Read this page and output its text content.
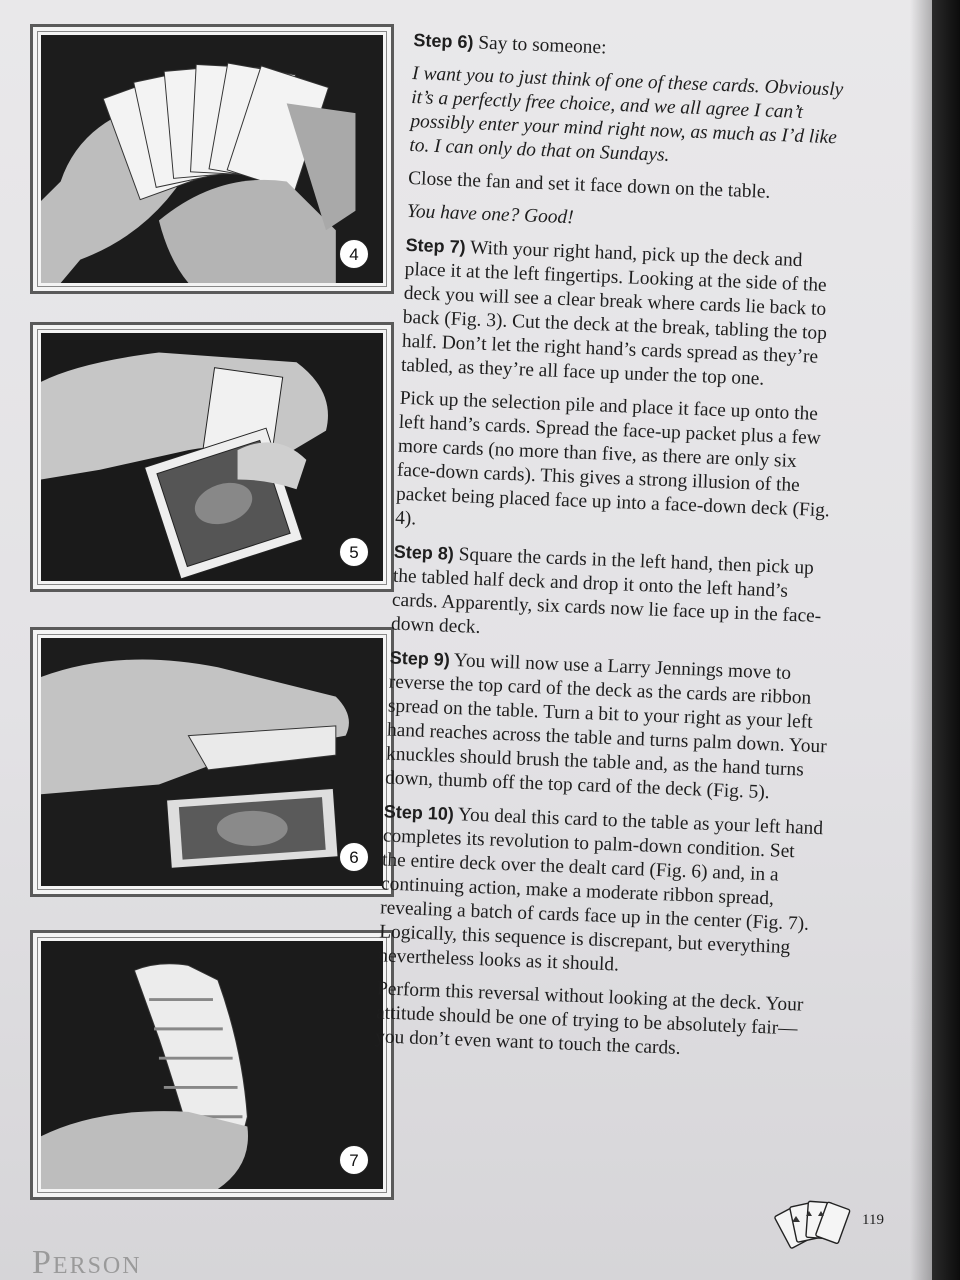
4
5
6
7

Step 6) Say to someone:

I want you to just think of one of these cards. Obviously it’s a perfectly free choice, and we all agree I can’t possibly enter your mind right now, as much as I’d like to. I can only do that on Sundays.

Close the fan and set it face down on the table.

You have one? Good!

Step 7) With your right hand, pick up the deck and place it at the left fingertips. Looking at the side of the deck you will see a clear break where cards lie back to back (Fig. 3). Cut the deck at the break, tabling the top half. Don’t let the right hand’s cards spread as they’re tabled, as they’re all face up under the top one.

Pick up the selection pile and place it face up onto the left hand’s cards. Spread the face-up packet plus a few more cards (no more than five, as there are only six face-down cards). This gives a strong illusion of the packet being placed face up into a face-down deck (Fig. 4).

Step 8) Square the cards in the left hand, then pick up the tabled half deck and drop it onto the left hand’s cards. Apparently, six cards now lie face up in the face-down deck.

Step 9) You will now use a Larry Jennings move to reverse the top card of the deck as the cards are ribbon spread on the table. Turn a bit to your right as your left hand reaches across the table and turns palm down. Your knuckles should brush the table and, as the hand turns down, thumb off the top card of the deck (Fig. 5).

Step 10) You deal this card to the table as your left hand completes its revolution to palm-down condition. Set the entire deck over the dealt card (Fig. 6) and, in a continuing action, make a moderate ribbon spread, revealing a batch of cards face up in the center (Fig. 7). Logically, this sequence is discrepant, but everything nevertheless looks as it should.

Perform this reversal without looking at the deck. Your attitude should be one of trying to be absolutely fair—you don’t even want to touch the cards.

119
Person
